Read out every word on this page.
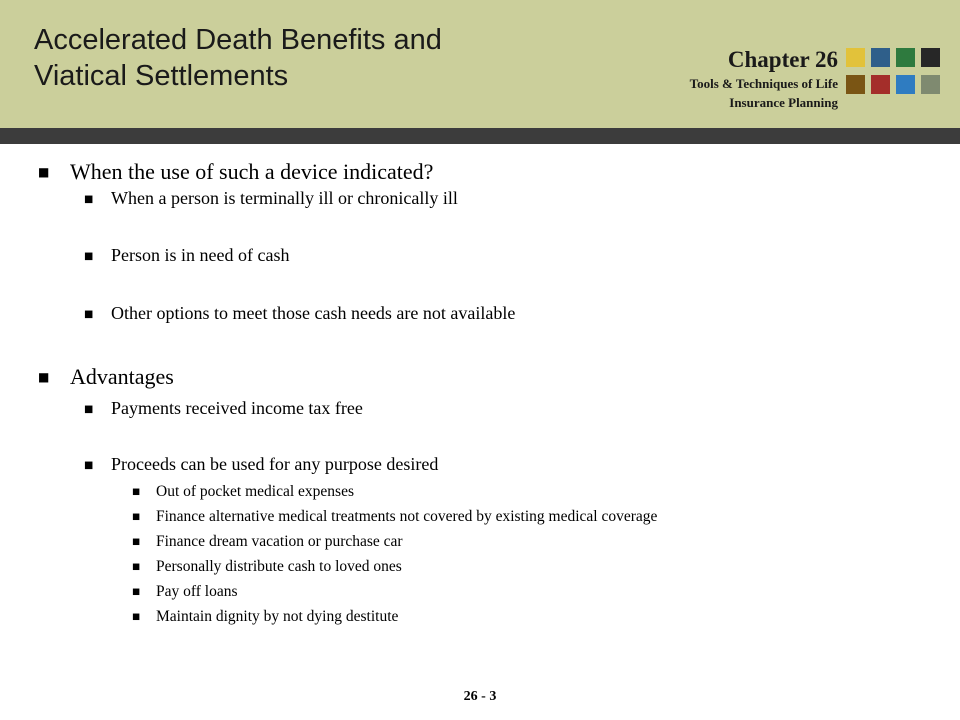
Accelerated Death Benefits and
Viatical Settlements
Chapter 26
Tools & Techniques of Life
Insurance Planning
■ When the use of such a device indicated?
■ When a person is terminally ill or chronically ill
■ Person is in need of cash
■ Other options to meet those cash needs are not available
■ Advantages
■ Payments received income tax free
■ Proceeds can be used for any purpose desired
■ Out of pocket medical expenses
■ Finance alternative medical treatments not covered by existing medical coverage
■ Finance dream vacation or purchase car
■ Personally distribute cash to loved ones
■ Pay off loans
■ Maintain dignity by not dying destitute
26 - 3
